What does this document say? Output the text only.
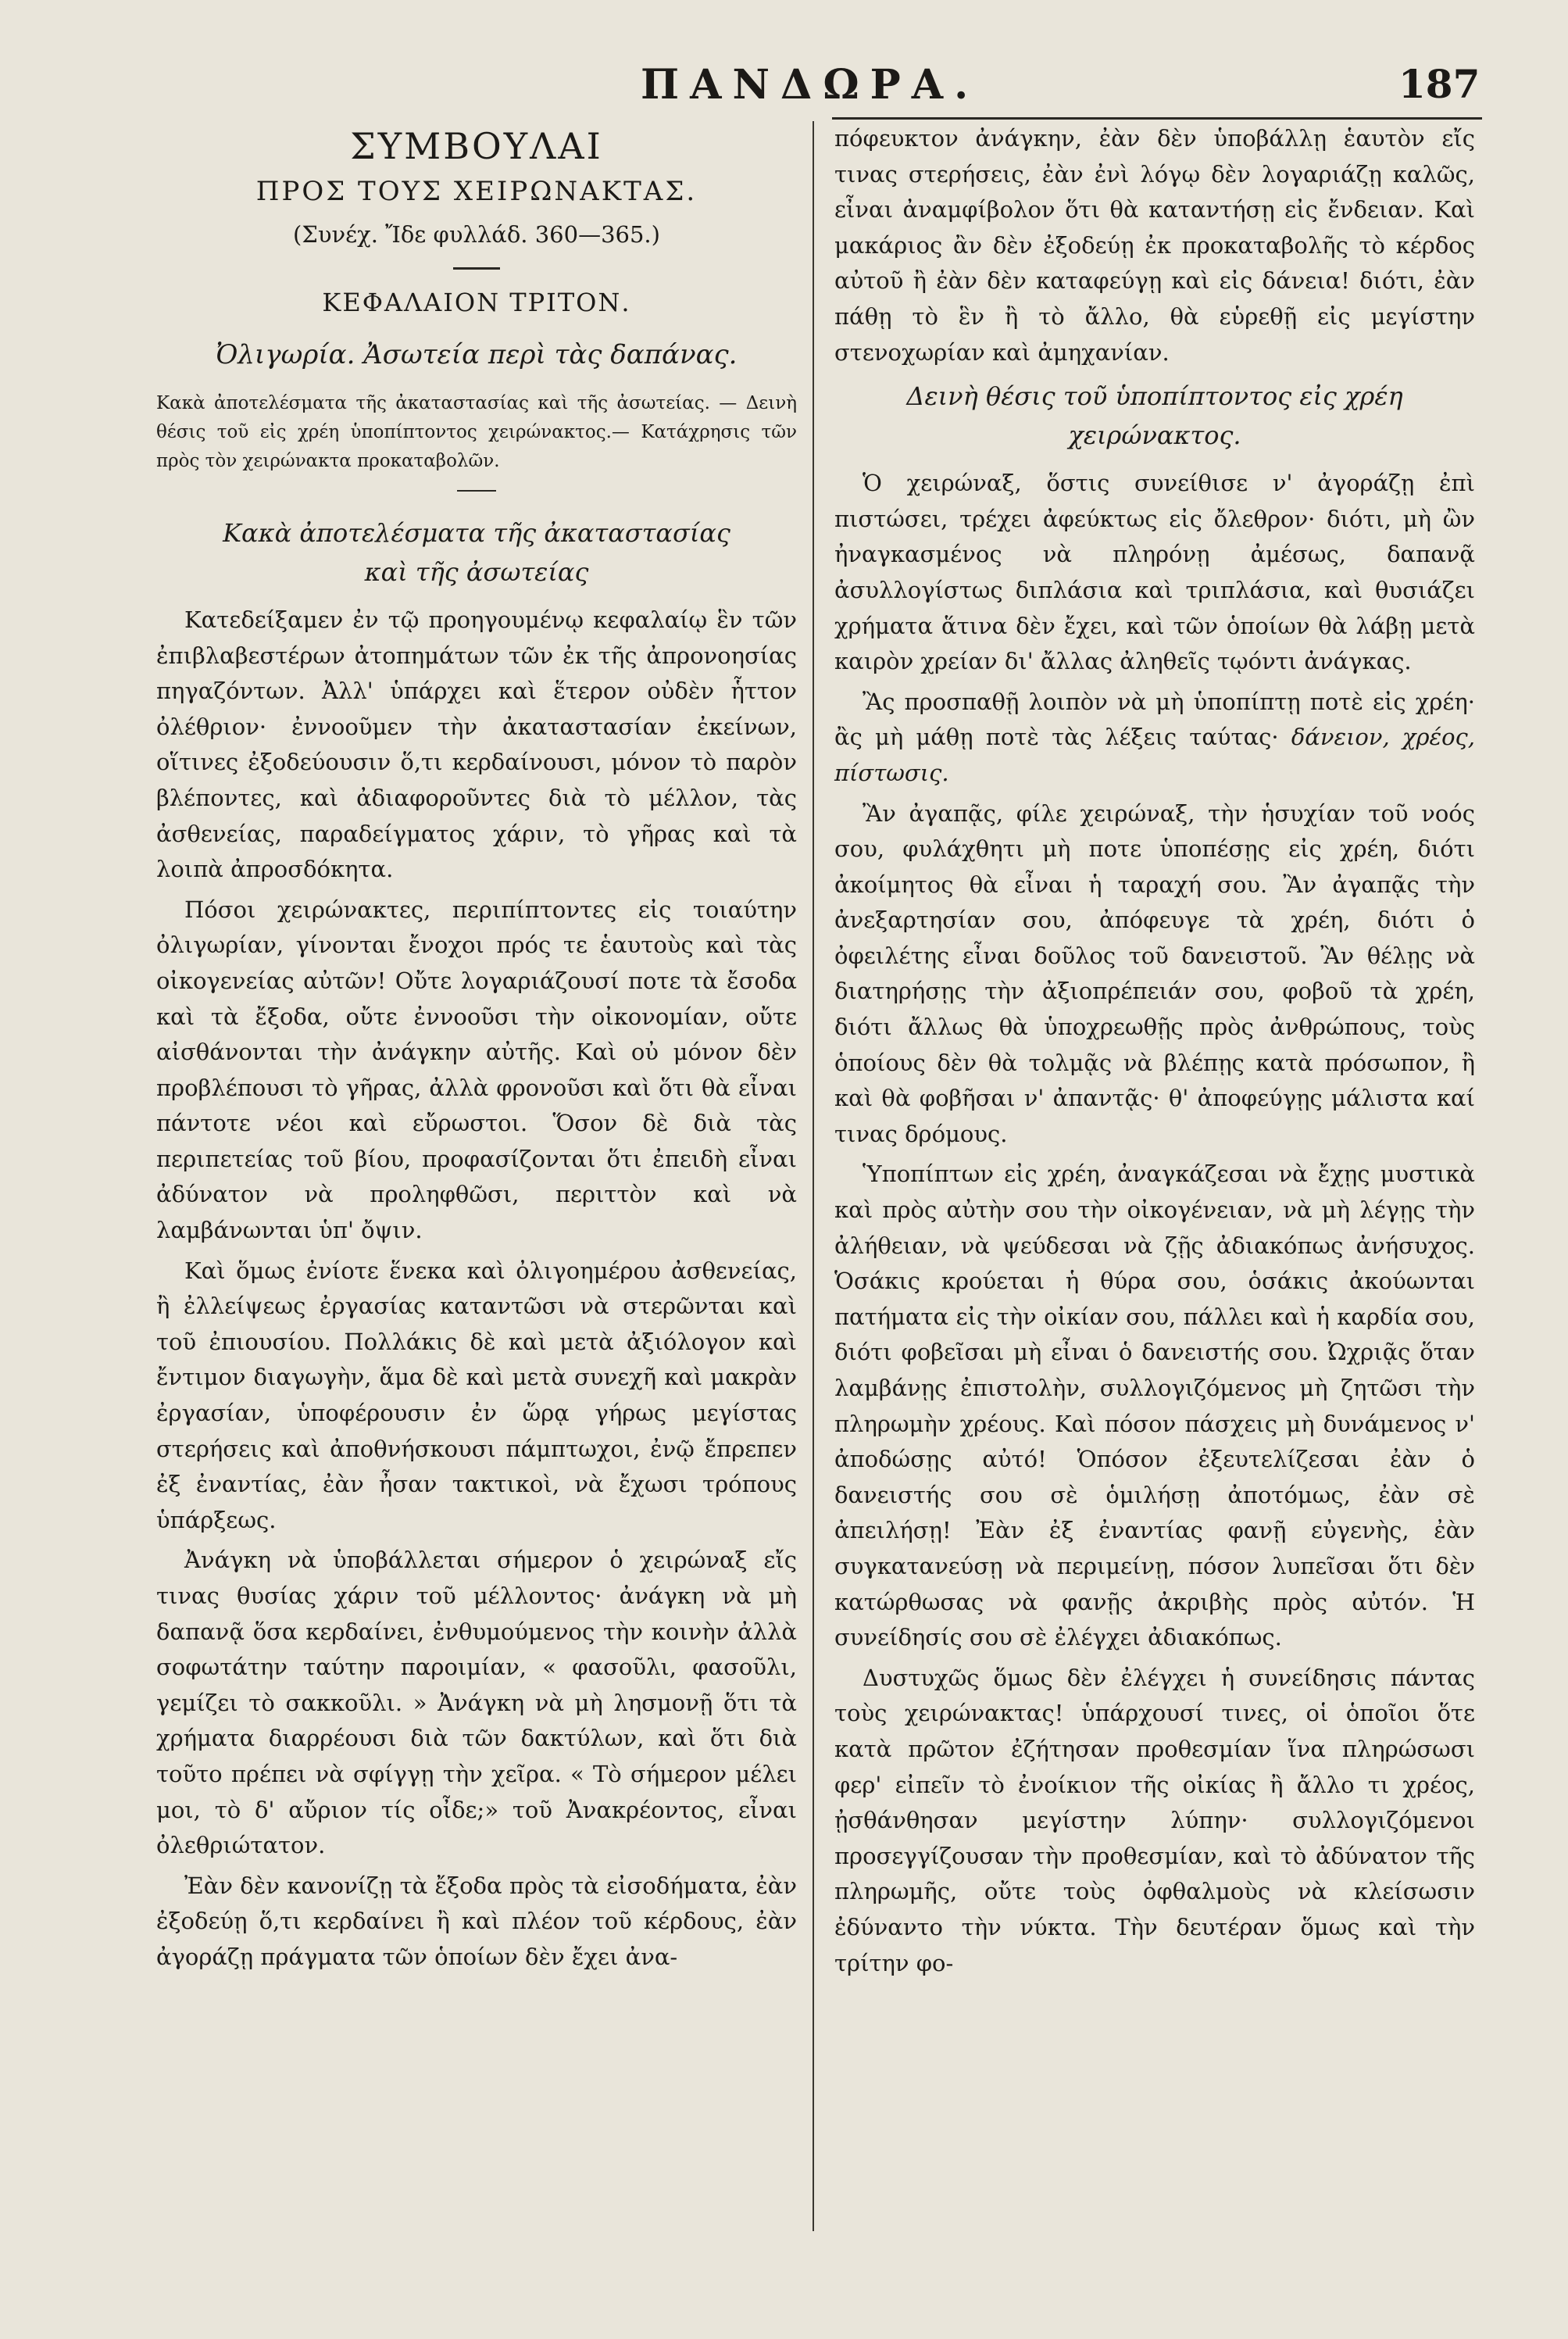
ΠΑΝΔΩΡΑ.	187
ΣΥΜΒΟΥΛΑΙ
ΠΡΟΣ ΤΟΥΣ ΧΕΙΡΩΝΑΚΤΑΣ.
(Συνέχ. Ἴδε φυλλάδ. 360—365.)
ΚΕΦΑΛΑΙΟΝ ΤΡΙΤΟΝ.
Ὀλιγωρία. Ἀσωτεία περὶ τὰς δαπάνας.
Κακὰ ἀποτελέσματα τῆς ἀκαταστασίας καὶ τῆς ἀσωτείας. — Δεινὴ θέσις τοῦ εἰς χρέη ὑποπίπτοντος χειρώνακτος.— Κατάχρησις τῶν πρὸς τὸν χειρώνακτα προκαταβολῶν.
Κακὰ ἀποτελέσματα τῆς ἀκαταστασίας
καὶ τῆς ἀσωτείας

Κατεδείξαμεν ἐν τῷ προηγουμένῳ κεφαλαίῳ ἓν τῶν ἐπιβλαβεστέρων ἀτοπημάτων τῶν ἐκ τῆς ἀπρονοησίας πηγαζόντων. Ἀλλ' ὑπάρχει καὶ ἕτερον οὐδὲν ἧττον ὀλέθριον· ἐννοοῦμεν τὴν ἀκαταστασίαν ἐκείνων, οἵτινες ἐξοδεύουσιν ὅ,τι κερδαίνουσι, μόνον τὸ παρὸν βλέποντες, καὶ ἀδιαφοροῦντες διὰ τὸ μέλλον, τὰς ἀσθενείας, παραδείγματος χάριν, τὸ γῆρας καὶ τὰ λοιπὰ ἀπροσδόκητα.

Πόσοι χειρώνακτες, περιπίπτοντες εἰς τοιαύτην ὀλιγωρίαν, γίνονται ἔνοχοι πρός τε ἑαυτοὺς καὶ τὰς οἰκογενείας αὐτῶν! Οὔτε λογαριάζουσί ποτε τὰ ἔσοδα καὶ τὰ ἔξοδα, οὔτε ἐννοοῦσι τὴν οἰκονομίαν, οὔτε αἰσθάνονται τὴν ἀνάγκην αὐτῆς. Καὶ οὐ μόνον δὲν προβλέπουσι τὸ γῆρας, ἀλλὰ φρονοῦσι καὶ ὅτι θὰ εἶναι πάντοτε νέοι καὶ εὔρωστοι. Ὅσον δὲ διὰ τὰς περιπετείας τοῦ βίου, προφασίζονται ὅτι ἐπειδὴ εἶναι ἀδύνατον νὰ προληφθῶσι, περιττὸν καὶ νὰ λαμβάνωνται ὑπ' ὄψιν.

Καὶ ὅμως ἐνίοτε ἕνεκα καὶ ὀλιγοημέρου ἀσθενείας, ἢ ἐλλείψεως ἐργασίας καταντῶσι νὰ στερῶνται καὶ τοῦ ἐπιουσίου. Πολλάκις δὲ καὶ μετὰ ἀξιόλογον καὶ ἔντιμον διαγωγὴν, ἅμα δὲ καὶ μετὰ συνεχῆ καὶ μακρὰν ἐργασίαν, ὑποφέρουσιν ἐν ὥρᾳ γήρως μεγίστας στερήσεις καὶ ἀποθνήσκουσι πάμπτωχοι, ἐνῷ ἔπρεπεν ἐξ ἐναντίας, ἐὰν ἦσαν τακτικοὶ, νὰ ἔχωσι τρόπους ὑπάρξεως.

Ἀνάγκη νὰ ὑποβάλλεται σήμερον ὁ χειρώναξ εἴς τινας θυσίας χάριν τοῦ μέλλοντος· ἀνάγκη νὰ μὴ δαπανᾷ ὅσα κερδαίνει, ἐνθυμούμενος τὴν κοινὴν ἀλλὰ σοφωτάτην ταύτην παροιμίαν, « φασοῦλι, φασοῦλι, γεμίζει τὸ σακκοῦλι. » Ἀνάγκη νὰ μὴ λησμονῇ ὅτι τὰ χρήματα διαρρέουσι διὰ τῶν δακτύλων, καὶ ὅτι διὰ τοῦτο πρέπει νὰ σφίγγῃ τὴν χεῖρα. « Τὸ σήμερον μέλει μοι, τὸ δ' αὔριον τίς οἶδε;» τοῦ Ἀνακρέοντος, εἶναι ὀλεθριώτατον.

Ἐὰν δὲν κανονίζῃ τὰ ἔξοδα πρὸς τὰ εἰσοδήματα, ἐὰν ἐξοδεύῃ ὅ,τι κερδαίνει ἢ καὶ πλέον τοῦ κέρδους, ἐὰν ἀγοράζῃ πράγματα τῶν ὁποίων δὲν ἔχει ἀνα-

πόφευκτον ἀνάγκην, ἐὰν δὲν ὑποβάλλῃ ἑαυτὸν εἴς τινας στερήσεις, ἐὰν ἐνὶ λόγῳ δὲν λογαριάζῃ καλῶς, εἶναι ἀναμφίβολον ὅτι θὰ καταντήσῃ εἰς ἔνδειαν. Καὶ μακάριος ἂν δὲν ἐξοδεύῃ ἐκ προκαταβολῆς τὸ κέρδος αὐτοῦ ἢ ἐὰν δὲν καταφεύγῃ καὶ εἰς δάνεια! διότι, ἐὰν πάθῃ τὸ ἓν ἢ τὸ ἄλλο, θὰ εὑρεθῇ εἰς μεγίστην στενοχωρίαν καὶ ἀμηχανίαν.

Δεινὴ θέσις τοῦ ὑποπίπτοντος εἰς χρέη
χειρώνακτος.

Ὁ χειρώναξ, ὅστις συνείθισε ν' ἀγοράζῃ ἐπὶ πιστώσει, τρέχει ἀφεύκτως εἰς ὄλεθρον· διότι, μὴ ὢν ἠναγκασμένος νὰ πληρόνῃ ἀμέσως, δαπανᾷ ἀσυλλογίστως διπλάσια καὶ τριπλάσια, καὶ θυσιάζει χρήματα ἅτινα δὲν ἔχει, καὶ τῶν ὁποίων θὰ λάβῃ μετὰ καιρὸν χρείαν δι' ἄλλας ἀληθεῖς τῳόντι ἀνάγκας.

Ἂς προσπαθῇ λοιπὸν νὰ μὴ ὑποπίπτῃ ποτὲ εἰς χρέη· ἂς μὴ μάθῃ ποτὲ τὰς λέξεις ταύτας· δάνειον, χρέος, πίστωσις.

Ἂν ἀγαπᾷς, φίλε χειρώναξ, τὴν ἡσυχίαν τοῦ νοός σου, φυλάχθητι μὴ ποτε ὑποπέσῃς εἰς χρέη, διότι ἀκοίμητος θὰ εἶναι ἡ ταραχή σου. Ἂν ἀγαπᾷς τὴν ἀνεξαρτησίαν σου, ἀπόφευγε τὰ χρέη, διότι ὁ ὀφειλέτης εἶναι δοῦλος τοῦ δανειστοῦ. Ἂν θέλῃς νὰ διατηρήσῃς τὴν ἀξιοπρέπειάν σου, φοβοῦ τὰ χρέη, διότι ἄλλως θὰ ὑποχρεωθῇς πρὸς ἀνθρώπους, τοὺς ὁποίους δὲν θὰ τολμᾷς νὰ βλέπῃς κατὰ πρόσωπον, ἢ καὶ θὰ φοβῆσαι ν' ἀπαντᾷς· θ' ἀποφεύγῃς μάλιστα καί τινας δρόμους.

Ὑποπίπτων εἰς χρέη, ἀναγκάζεσαι νὰ ἔχῃς μυστικὰ καὶ πρὸς αὐτὴν σου τὴν οἰκογένειαν, νὰ μὴ λέγῃς τὴν ἀλήθειαν, νὰ ψεύδεσαι νὰ ζῇς ἀδιακόπως ἀνήσυχος. Ὁσάκις κρούεται ἡ θύρα σου, ὁσάκις ἀκούωνται πατήματα εἰς τὴν οἰκίαν σου, πάλλει καὶ ἡ καρδία σου, διότι φοβεῖσαι μὴ εἶναι ὁ δανειστής σου. Ὠχριᾷς ὅταν λαμβάνῃς ἐπιστολὴν, συλλογιζόμενος μὴ ζητῶσι τὴν πληρωμὴν χρέους. Καὶ πόσον πάσχεις μὴ δυνάμενος ν' ἀποδώσῃς αὐτό! Ὁπόσον ἐξευτελίζεσαι ἐὰν ὁ δανειστής σου σὲ ὁμιλήσῃ ἀποτόμως, ἐὰν σὲ ἀπειλήσῃ! Ἐὰν ἐξ ἐναντίας φανῇ εὐγενὴς, ἐὰν συγκατανεύσῃ νὰ περιμείνῃ, πόσον λυπεῖσαι ὅτι δὲν κατώρθωσας νὰ φανῇς ἀκριβὴς πρὸς αὐτόν. Ἡ συνείδησίς σου σὲ ἐλέγχει ἀδιακόπως.

Δυστυχῶς ὅμως δὲν ἐλέγχει ἡ συνείδησις πάντας τοὺς χειρώνακτας! ὑπάρχουσί τινες, οἱ ὁποῖοι ὅτε κατὰ πρῶτον ἐζήτησαν προθεσμίαν ἵνα πληρώσωσι φερ' εἰπεῖν τὸ ἐνοίκιον τῆς οἰκίας ἢ ἄλλο τι χρέος, ᾐσθάνθησαν μεγίστην λύπην· συλλογιζόμενοι προσεγγίζουσαν τὴν προθεσμίαν, καὶ τὸ ἀδύνατον τῆς πληρωμῆς, οὔτε τοὺς ὀφθαλμοὺς νὰ κλείσωσιν ἐδύναντο τὴν νύκτα. Τὴν δευτέραν ὅμως καὶ τὴν τρίτην φο-
